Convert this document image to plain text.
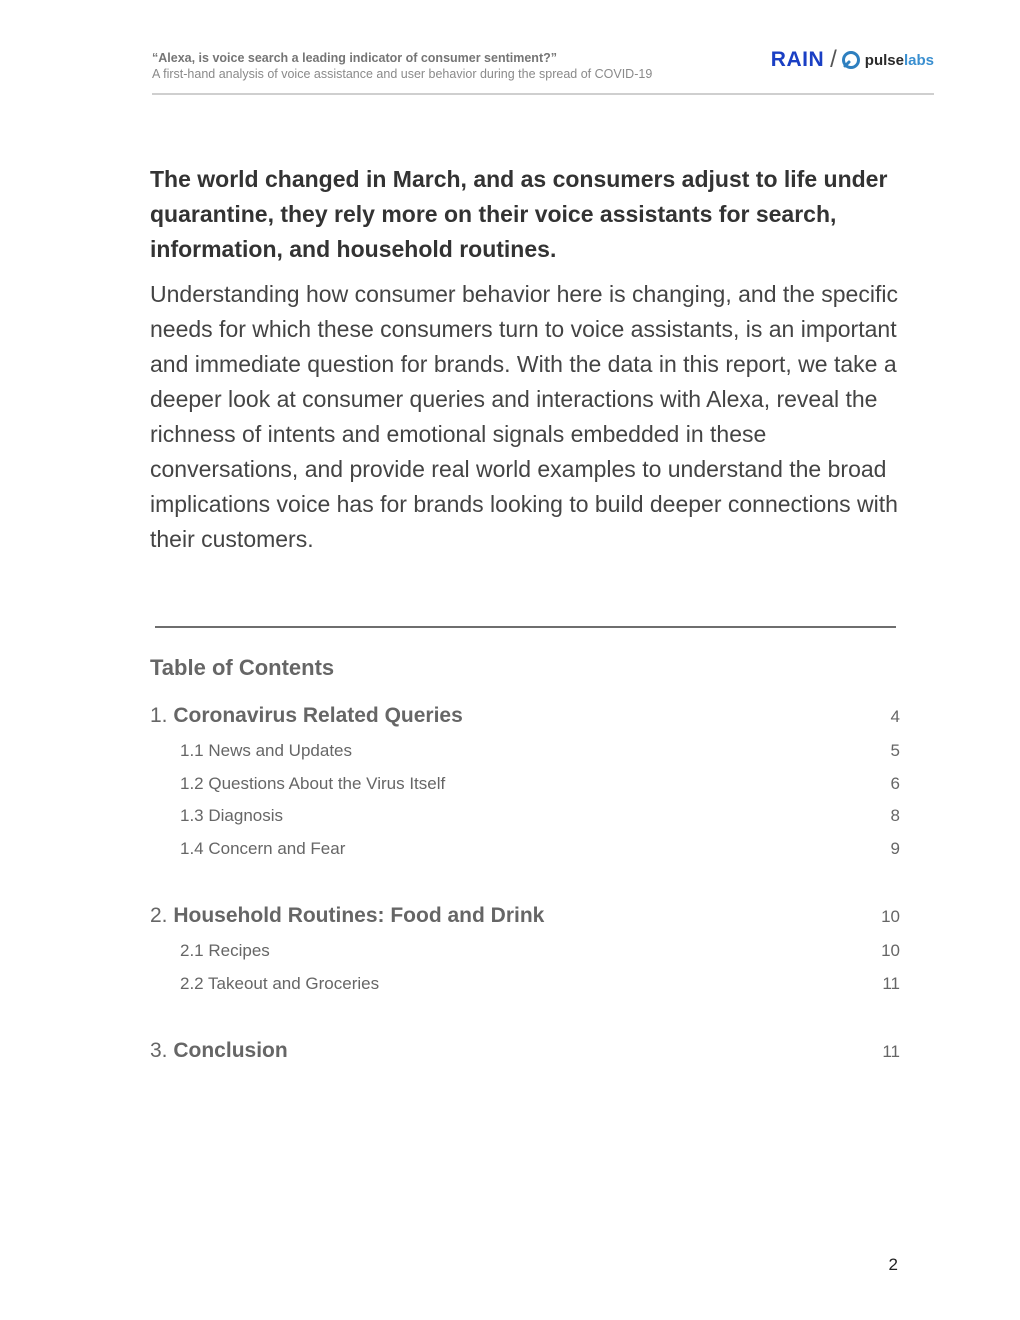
“Alexa, is voice search a leading indicator of consumer sentiment?”
A first-hand analysis of voice assistance and user behavior during the spread of COVID-19
RAIN / pulse labs
The world changed in March, and as consumers adjust to life under quarantine, they rely more on their voice assistants for search, information, and household routines.
Understanding how consumer behavior here is changing, and the specific needs for which these consumers turn to voice assistants, is an important and immediate question for brands. With the data in this report, we take a deeper look at consumer queries and interactions with Alexa, reveal the richness of intents and emotional signals embedded in these conversations, and provide real world examples to understand the broad implications voice has for brands looking to build deeper connections with their customers.
Table of Contents
1. Coronavirus Related Queries	4
1.1 News and Updates	5
1.2 Questions About the Virus Itself	6
1.3 Diagnosis	8
1.4 Concern and Fear	9
2. Household Routines: Food and Drink	10
2.1 Recipes	10
2.2 Takeout and Groceries	11
3. Conclusion	11
2
